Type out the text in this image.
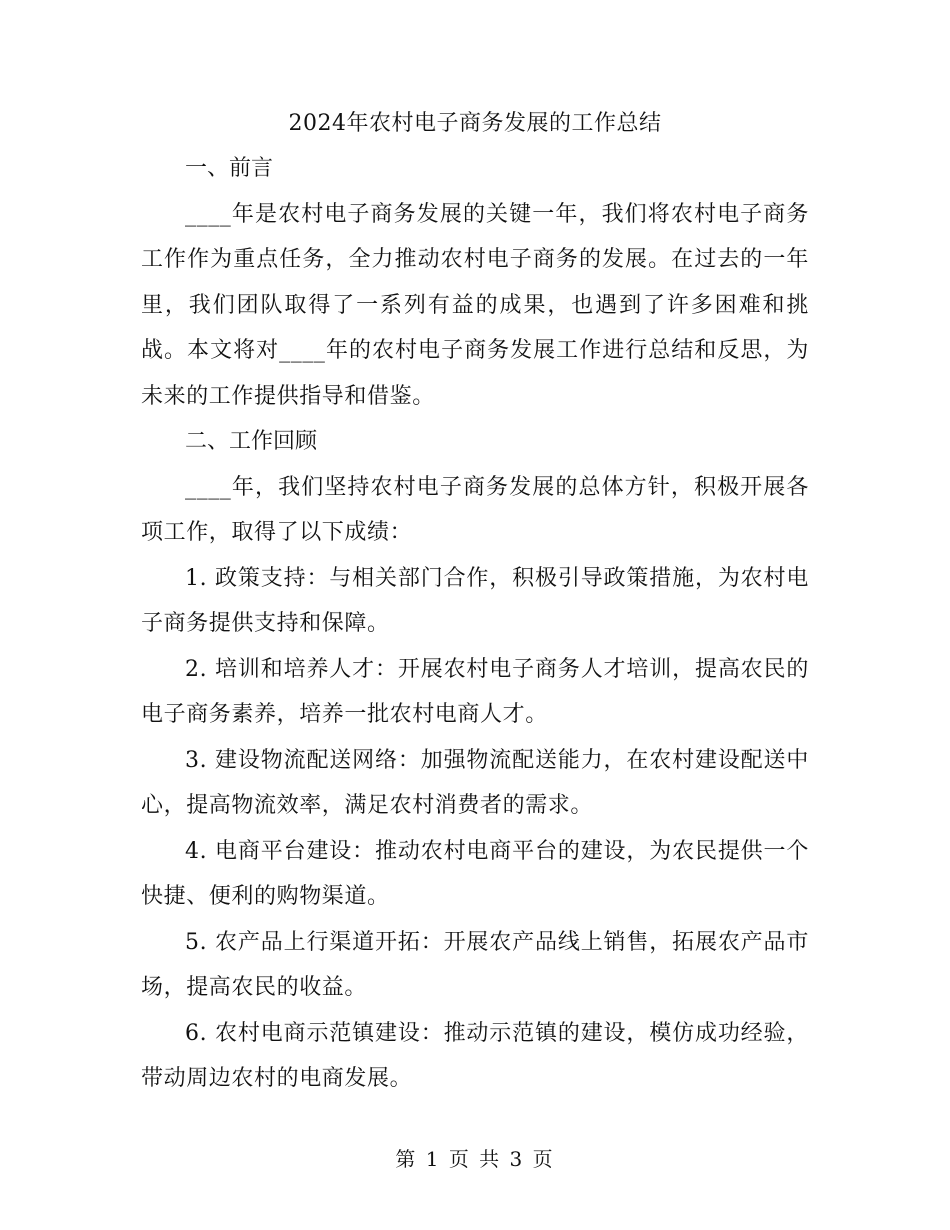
2024年农村电子商务发展的工作总结

一、前言

____年是农村电子商务发展的关键一年，我们将农村电子商务工作作为重点任务，全力推动农村电子商务的发展。在过去的一年里，我们团队取得了一系列有益的成果，也遇到了许多困难和挑战。本文将对____年的农村电子商务发展工作进行总结和反思，为未来的工作提供指导和借鉴。

二、工作回顾

____年，我们坚持农村电子商务发展的总体方针，积极开展各项工作，取得了以下成绩：

1. 政策支持：与相关部门合作，积极引导政策措施，为农村电子商务提供支持和保障。

2. 培训和培养人才：开展农村电子商务人才培训，提高农民的电子商务素养，培养一批农村电商人才。

3. 建设物流配送网络：加强物流配送能力，在农村建设配送中心，提高物流效率，满足农村消费者的需求。

4. 电商平台建设：推动农村电商平台的建设，为农民提供一个快捷、便利的购物渠道。

5. 农产品上行渠道开拓：开展农产品线上销售，拓展农产品市场，提高农民的收益。

6. 农村电商示范镇建设：推动示范镇的建设，模仿成功经验，带动周边农村的电商发展。

第 1 页 共 3 页
